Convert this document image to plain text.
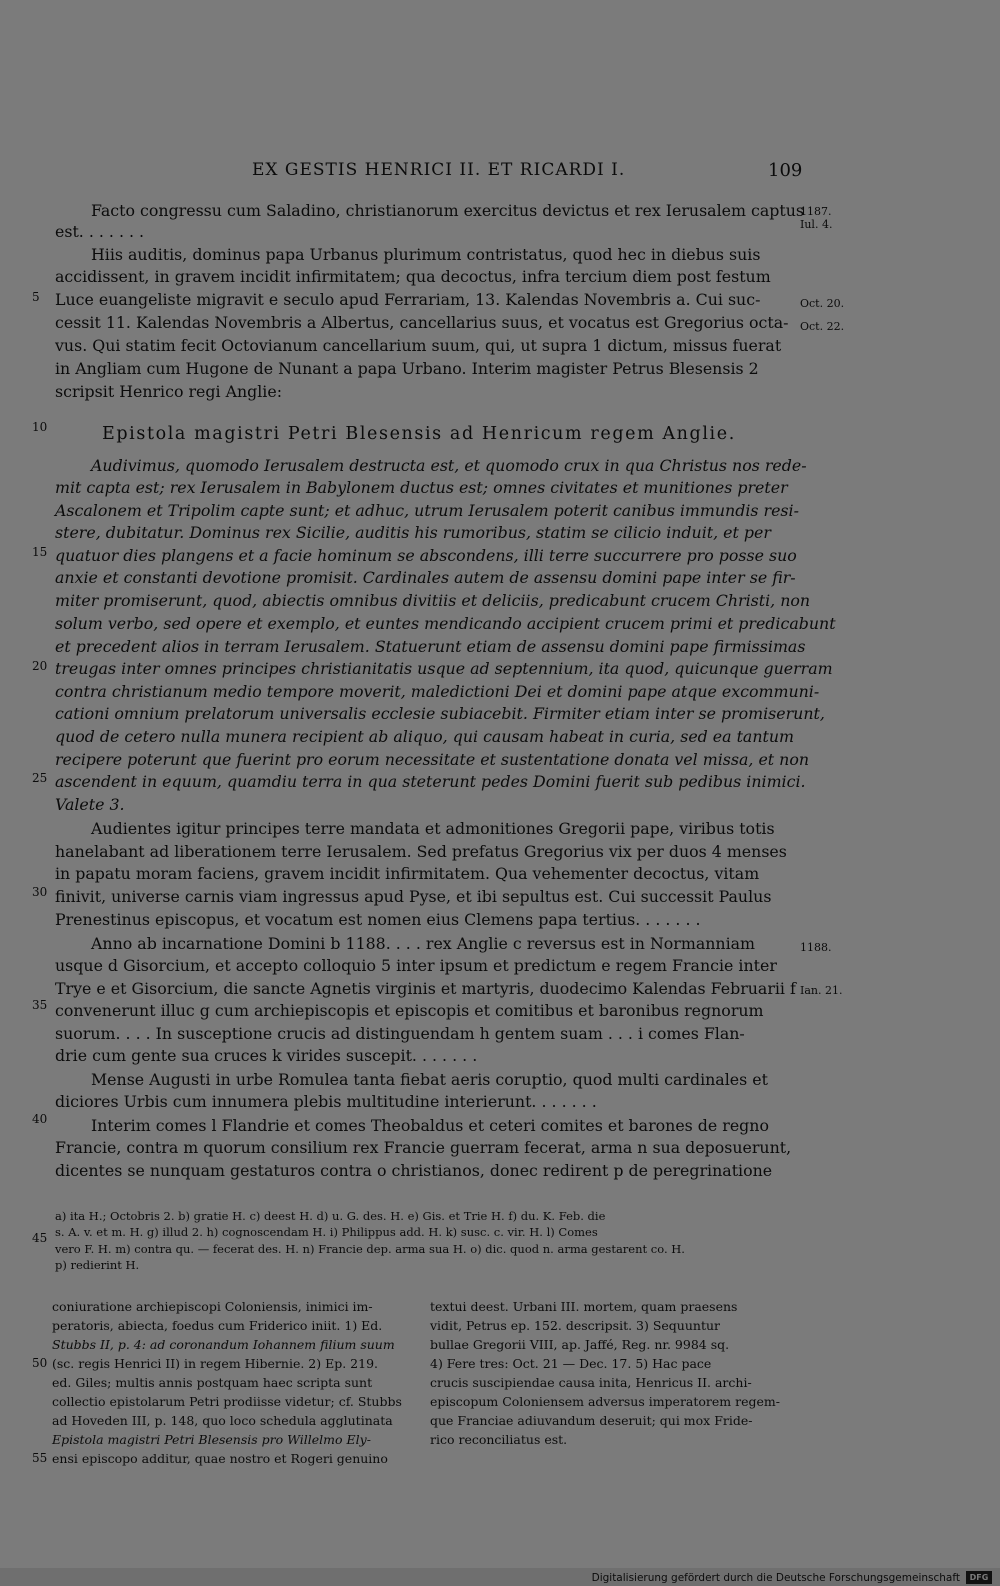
EX GESTIS HENRICI II. ET RICARDI I.	109
5
10
15
20
25
30
35
40
45
50
55
1187.
Iul. 4.
Oct. 20.
Oct. 22.
1188.
Ian. 21.
Facto congressu cum Saladino, christianorum exercitus devictus et rex Ierusalem captus
est. . . . . . .
Hiis auditis, dominus papa Urbanus plurimum contristatus, quod hec in diebus suis
accidissent, in gravem incidit infirmitatem; qua decoctus, infra tercium diem post festum
Luce euangeliste migravit e seculo apud Ferrariam, 13. Kalendas Novembris a. Cui suc-
cessit 11. Kalendas Novembris a Albertus, cancellarius suus, et vocatus est Gregorius octa-
vus. Qui statim fecit Octovianum cancellarium suum, qui, ut supra 1 dictum, missus fuerat
in Angliam cum Hugone de Nunant a papa Urbano. Interim magister Petrus Blesensis 2
scripsit Henrico regi Anglie:
Epistola magistri Petri Blesensis ad Henricum regem Anglie.
Audivimus, quomodo Ierusalem destructa est, et quomodo crux in qua Christus nos rede-
mit capta est; rex Ierusalem in Babylonem ductus est; omnes civitates et munitiones preter
Ascalonem et Tripolim capte sunt; et adhuc, utrum Ierusalem poterit canibus immundis resi-
stere, dubitatur. Dominus rex Sicilie, auditis his rumoribus, statim se cilicio induit, et per
quatuor dies plangens et a facie hominum se abscondens, illi terre succurrere pro posse suo
anxie et constanti devotione promisit. Cardinales autem de assensu domini pape inter se fir-
miter promiserunt, quod, abiectis omnibus divitiis et deliciis, predicabunt crucem Christi, non
solum verbo, sed opere et exemplo, et euntes mendicando accipient crucem primi et predicabunt
et precedent alios in terram Ierusalem. Statuerunt etiam de assensu domini pape firmissimas
treugas inter omnes principes christianitatis usque ad septennium, ita quod, quicunque guerram
contra christianum medio tempore moverit, maledictioni Dei et domini pape atque excommuni-
cationi omnium prelatorum universalis ecclesie subiacebit. Firmiter etiam inter se promiserunt,
quod de cetero nulla munera recipient ab aliquo, qui causam habeat in curia, sed ea tantum
recipere poterunt que fuerint pro eorum necessitate et sustentatione donata vel missa, et non
ascendent in equum, quamdiu terra in qua steterunt pedes Domini fuerit sub pedibus inimici.
Valete 3.
Audientes igitur principes terre mandata et admonitiones Gregorii pape, viribus totis
hanelabant ad liberationem terre Ierusalem. Sed prefatus Gregorius vix per duos 4 menses
in papatu moram faciens, gravem incidit infirmitatem. Qua vehementer decoctus, vitam
finivit, universe carnis viam ingressus apud Pyse, et ibi sepultus est. Cui successit Paulus
Prenestinus episcopus, et vocatum est nomen eius Clemens papa tertius. . . . . . .
Anno ab incarnatione Domini b 1188. . . . rex Anglie c reversus est in Normanniam
usque d Gisorcium, et accepto colloquio 5 inter ipsum et predictum e regem Francie inter
Trye e et Gisorcium, die sancte Agnetis virginis et martyris, duodecimo Kalendas Februarii f
convenerunt illuc g cum archiepiscopis et episcopis et comitibus et baronibus regnorum
suorum. . . . In susceptione crucis ad distinguendam h gentem suam . . . i comes Flan-
drie cum gente sua cruces k virides suscepit. . . . . . .
Mense Augusti in urbe Romulea tanta fiebat aeris coruptio, quod multi cardinales et
diciores Urbis cum innumera plebis multitudine interierunt. . . . . . .
Interim comes l Flandrie et comes Theobaldus et ceteri comites et barones de regno
Francie, contra m quorum consilium rex Francie guerram fecerat, arma n sua deposuerunt,
dicentes se nunquam gestaturos contra o christianos, donec redirent p de peregrinatione
a) ita H.; Octobris 2. b) gratie H. c) deest H. d) u. G. des. H. e) Gis. et Trie H. f) du. K. Feb. die
s. A. v. et m. H. g) illud 2. h) cognoscendam H. i) Philippus add. H. k) susc. c. vir. H. l) Comes
vero F. H. m) contra qu. — fecerat des. H. n) Francie dep. arma sua H. o) dic. quod n. arma gestarent co. H.
p) redierint H.
coniuratione archiepiscopi Coloniensis, inimici im-
peratoris, abiecta, foedus cum Friderico iniit. 1) Ed.
Stubbs II, p. 4: ad coronandum Iohannem filium suum
(sc. regis Henrici II) in regem Hibernie. 2) Ep. 219.
ed. Giles; multis annis postquam haec scripta sunt
collectio epistolarum Petri prodiisse videtur; cf. Stubbs
ad Hoveden III, p. 148, quo loco schedula agglutinata
Epistola magistri Petri Blesensis pro Willelmo Ely-
ensi episcopo additur, quae nostro et Rogeri genuino
textui deest. Urbani III. mortem, quam praesens
vidit, Petrus ep. 152. descripsit. 3) Sequuntur
bullae Gregorii VIII, ap. Jaffé, Reg. nr. 9984 sq.
4) Fere tres: Oct. 21 — Dec. 17. 5) Hac pace
crucis suscipiendae causa inita, Henricus II. archi-
episcopum Coloniensem adversus imperatorem regem-
que Franciae adiuvandum deseruit; qui mox Fride-
rico reconciliatus est.
Digitalisierung gefördert durch die Deutsche Forschungsgemeinschaft	DFG
